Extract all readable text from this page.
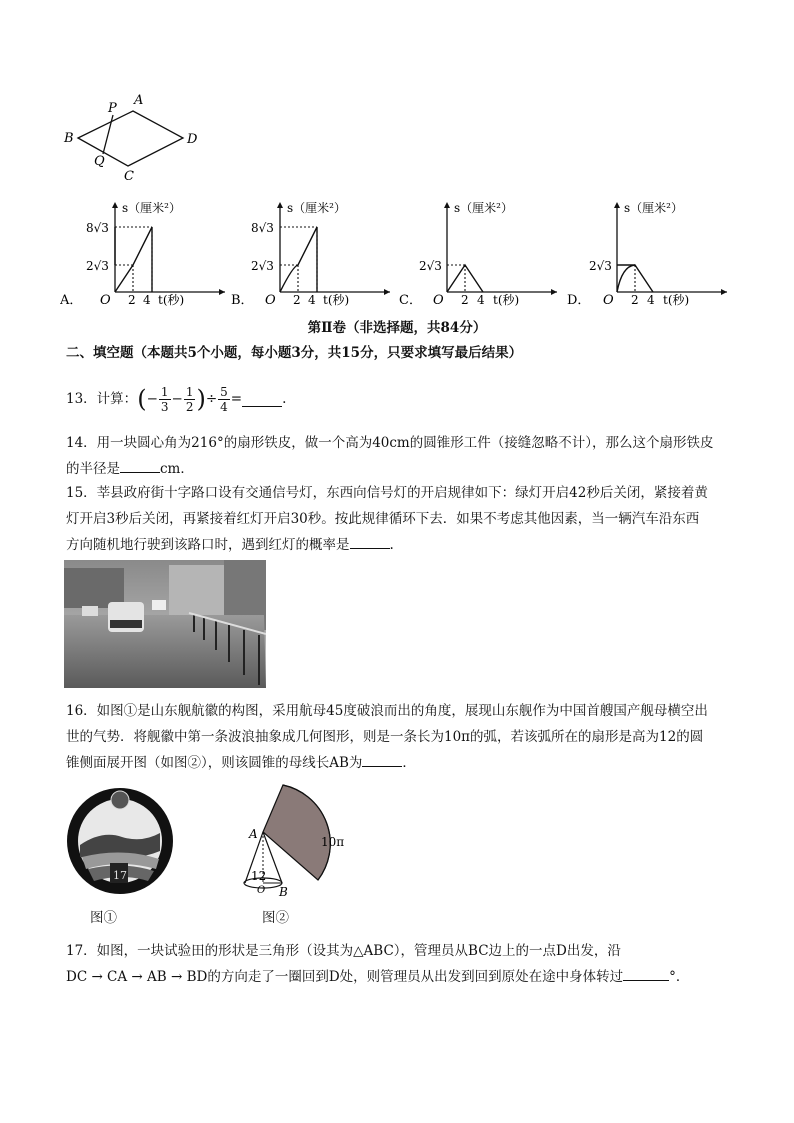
A
P
B	D
Q
C
A．
s（厘米²）
8√3
2√3
O 2 4 t(秒)	B．
s（厘米²）
8√3
2√3
O 2 4 t(秒)	C．
s（厘米²）
2√3
O 2 4 t(秒)	D．
s（厘米²）
2√3
O 2 4 t(秒)
第Ⅱ卷（非选择题，共84分）
二、填空题（本题共5个小题，每小题3分，共15分，只要求填写最后结果）
13．计算： ( − $\frac{1}{3} - \frac{1}{2}$ ) ÷ $\frac{5}{4}$ =	.
14．用一块圆心角为216°的扇形铁皮，做一个高为40cm的圆锥形工件（接缝忽略不计），那么这个扇形铁皮
的半径是	cm．
15．莘县政府街十字路口设有交通信号灯，东西向信号灯的开启规律如下：绿灯开启42秒后关闭，紧接着黄
灯开启3秒后关闭，再紧接着红灯开启30秒。按此规律循环下去．如果不考虑其他因素，当一辆汽车沿东西
方向随机地行驶到该路口时，遇到红灯的概率是	.
16．如图①是山东舰航徽的构图，采用航母45度破浪而出的角度，展现山东舰作为中国首艘国产舰母横空出
世的气势．将舰徽中第一条波浪抽象成几何图形，则是一条长为10π的弧，若该弧所在的扇形是高为12的圆
锥侧面展开图（如图②），则该圆锥的母线长AB为	．
17
图①
A
12
O B
10π
图②
17．如图，一块试验田的形状是三角形（设其为△ABC），管理员从BC边上的一点D出发，沿
DC → CA → AB → BD的方向走了一圈回到D处，则管理员从出发到回到原处在途中身体转过	°．
